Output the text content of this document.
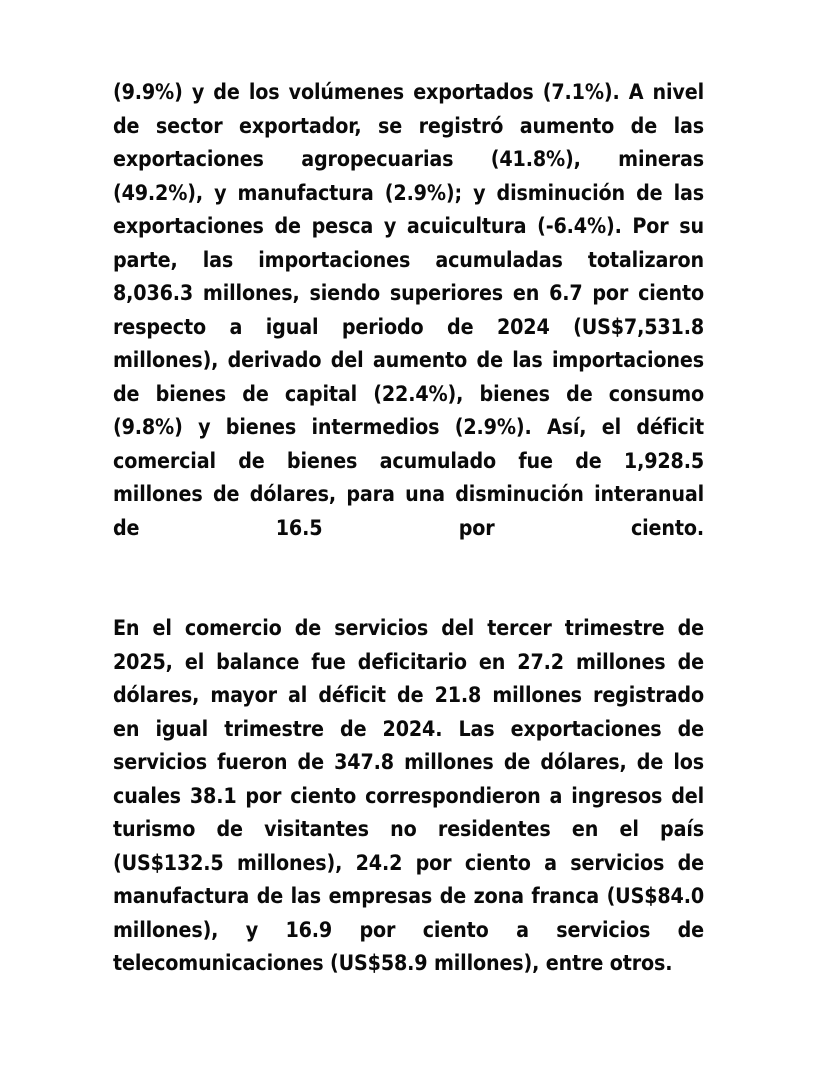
(9.9%) y de los volúmenes exportados (7.1%). A nivel de sector exportador, se registró aumento de las exportaciones agropecuarias (41.8%), mineras (49.2%), y manufactura (2.9%); y disminución de las exportaciones de pesca y acuicultura (-6.4%). Por su parte, las importaciones acumuladas totalizaron 8,036.3 millones, siendo superiores en 6.7 por ciento respecto a igual periodo de 2024 (US$7,531.8 millones), derivado del aumento de las importaciones de bienes de capital (22.4%), bienes de consumo (9.8%) y bienes intermedios (2.9%). Así, el déficit comercial de bienes acumulado fue de 1,928.5 millones de dólares, para una disminución interanual de 16.5 por ciento.

En el comercio de servicios del tercer trimestre de 2025, el balance fue deficitario en 27.2 millones de dólares, mayor al déficit de 21.8 millones registrado en igual trimestre de 2024. Las exportaciones de servicios fueron de 347.8 millones de dólares, de los cuales 38.1 por ciento correspondieron a ingresos del turismo de visitantes no residentes en el país (US$132.5 millones), 24.2 por ciento a servicios de manufactura de las empresas de zona franca (US$84.0 millones), y 16.9 por ciento a servicios de telecomunicaciones (US$58.9 millones), entre otros.
